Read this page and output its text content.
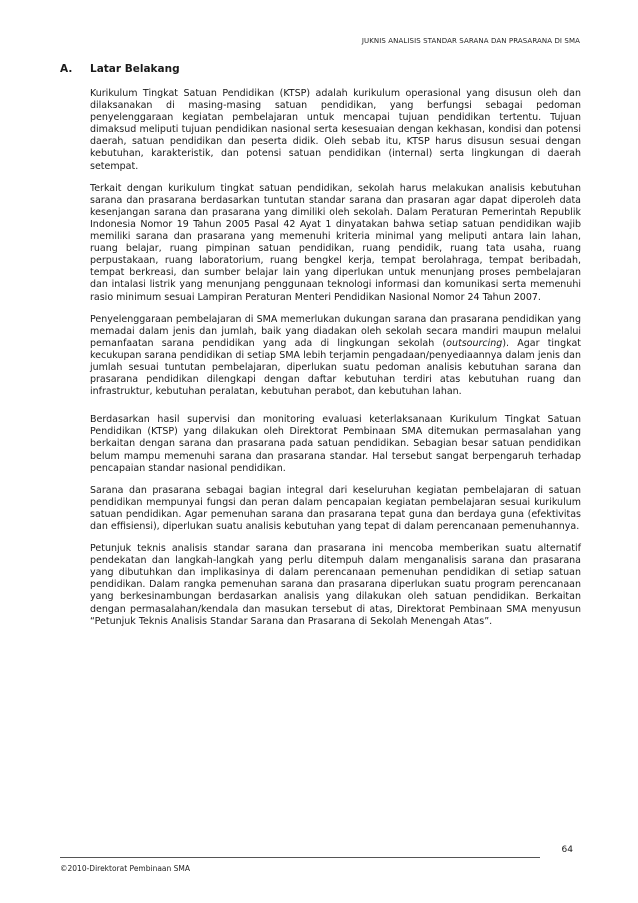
JUKNIS ANALISIS STANDAR SARANA DAN PRASARANA DI SMA
A. Latar Belakang

Kurikulum Tingkat Satuan Pendidikan (KTSP) adalah kurikulum operasional yang disusun oleh dan dilaksanakan di masing-masing satuan pendidikan, yang berfungsi sebagai pedoman penyelenggaraan kegiatan pembelajaran untuk mencapai tujuan pendidikan tertentu. Tujuan dimaksud meliputi tujuan pendidikan nasional serta kesesuaian dengan kekhasan, kondisi dan potensi daerah, satuan pendidikan dan peserta didik. Oleh sebab itu, KTSP harus disusun sesuai dengan kebutuhan, karakteristik, dan potensi satuan pendidikan (internal) serta lingkungan di daerah setempat.

Terkait dengan kurikulum tingkat satuan pendidikan, sekolah harus melakukan analisis kebutuhan sarana dan prasarana berdasarkan tuntutan standar sarana dan prasaran agar dapat diperoleh data kesenjangan sarana dan prasarana yang dimiliki oleh sekolah. Dalam Peraturan Pemerintah Republik Indonesia Nomor 19 Tahun 2005 Pasal 42 Ayat 1 dinyatakan bahwa setiap satuan pendidikan wajib memiliki sarana dan prasarana yang memenuhi kriteria minimal yang meliputi antara lain lahan, ruang belajar, ruang pimpinan satuan pendidikan, ruang pendidik, ruang tata usaha, ruang perpustakaan, ruang laboratorium, ruang bengkel kerja, tempat berolahraga, tempat beribadah, tempat berkreasi, dan sumber belajar lain yang diperlukan untuk menunjang proses pembelajaran dan intalasi listrik yang menunjang penggunaan teknologi informasi dan komunikasi serta memenuhi rasio minimum sesuai Lampiran Peraturan Menteri Pendidikan Nasional Nomor 24 Tahun 2007.

Penyelenggaraan pembelajaran di SMA memerlukan dukungan sarana dan prasarana pendidikan yang memadai dalam jenis dan jumlah, baik yang diadakan oleh sekolah secara mandiri maupun melalui pemanfaatan sarana pendidikan yang ada di lingkungan sekolah (outsourcing). Agar tingkat kecukupan sarana pendidikan di setiap SMA lebih terjamin pengadaan/penyediaannya dalam jenis dan jumlah sesuai tuntutan pembelajaran, diperlukan suatu pedoman analisis kebutuhan sarana dan prasarana pendidikan dilengkapi dengan daftar kebutuhan terdiri atas kebutuhan ruang dan infrastruktur, kebutuhan peralatan, kebutuhan perabot, dan kebutuhan lahan.

Berdasarkan hasil supervisi dan monitoring evaluasi keterlaksanaan Kurikulum Tingkat Satuan Pendidikan (KTSP) yang dilakukan oleh Direktorat Pembinaan SMA ditemukan permasalahan yang berkaitan dengan sarana dan prasarana pada satuan pendidikan. Sebagian besar satuan pendidikan belum mampu memenuhi sarana dan prasarana standar. Hal tersebut sangat berpengaruh terhadap pencapaian standar nasional pendidikan.

Sarana dan prasarana sebagai bagian integral dari keseluruhan kegiatan pembelajaran di satuan pendidikan mempunyai fungsi dan peran dalam pencapaian kegiatan pembelajaran sesuai kurikulum satuan pendidikan. Agar pemenuhan sarana dan prasarana tepat guna dan berdaya guna (efektivitas dan effisiensi), diperlukan suatu analisis kebutuhan yang tepat di dalam perencanaan pemenuhannya.

Petunjuk teknis analisis standar sarana dan prasarana ini mencoba memberikan suatu alternatif pendekatan dan langkah-langkah yang perlu ditempuh dalam menganalisis sarana dan prasarana yang dibutuhkan dan implikasinya di dalam perencanaan pemenuhan pendidikan di setiap satuan pendidikan. Dalam rangka pemenuhan sarana dan prasarana diperlukan suatu program perencanaan yang berkesinambungan berdasarkan analisis yang dilakukan oleh satuan pendidikan. Berkaitan dengan permasalahan/kendala dan masukan tersebut di atas, Direktorat Pembinaan SMA menyusun “Petunjuk Teknis Analisis Standar Sarana dan Prasarana di Sekolah Menengah Atas”.

64
©2010-Direktorat Pembinaan SMA
